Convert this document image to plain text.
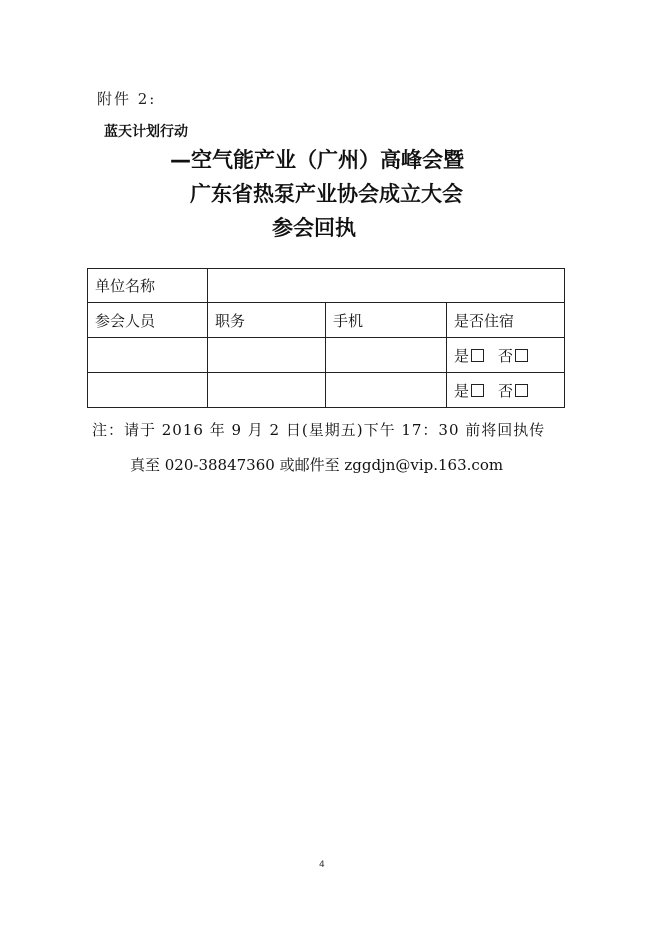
附件 2:
蓝天计划行动
—空气能产业（广州）高峰会暨
广东省热泵产业协会成立大会
参会回执
单位名称			
参会人员	职务	手机	是否住宿
			是 否
			是 否
注：请于 2016 年 9 月 2 日(星期五)下午 17：30 前将回执传
真至 020-38847360 或邮件至 zggdjn@vip.163.com
4
